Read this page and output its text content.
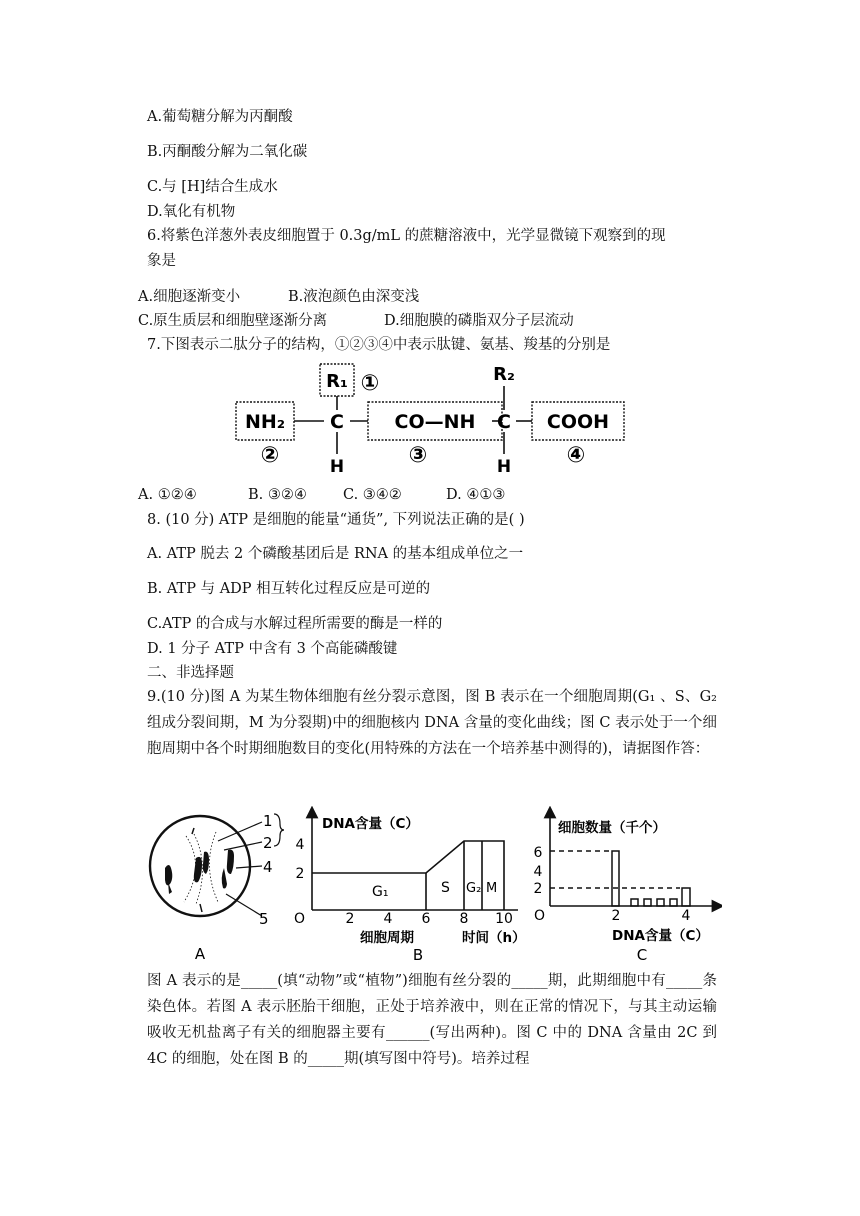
A.葡萄糖分解为丙酮酸
B.丙酮酸分解为二氧化碳
C.与 [H]结合生成水
D.氧化有机物
6.将紫色洋葱外表皮细胞置于 0.3g/mL 的蔗糖溶液中，光学显微镜下观察到的现
象是
A.细胞逐渐变小	B.液泡颜色由深变浅
C.原生质层和细胞壁逐渐分离	D.细胞膜的磷脂双分子层流动
7.下图表示二肽分子的结构，①②③④中表示肽键、氨基、羧基的分别是
NH₂
R₁ ①
C
H
CO—NH
R₂
C
H
COOH
②	③	④
A. ①②④	B. ③②④ C. ③④②	D. ④①③
8. (10 分) ATP 是细胞的能量“通货”, 下列说法正确的是( )
A. ATP 脱去 2 个磷酸基团后是 RNA 的基本组成单位之一
B. ATP 与 ADP 相互转化过程反应是可逆的
C.ATP 的合成与水解过程所需要的酶是一样的
D. 1 分子 ATP 中含有 3 个高能磷酸键
二、非选择题
9.(10 分)图 A 为某生物体细胞有丝分裂示意图，图 B 表示在一个细胞周期(G₁ 、S、G₂ 组成分裂间期，M 为分裂期)中的细胞核内 DNA 含量的变化曲线；图 C 表示处于一个细胞周期中各个时期细胞数目的变化(用特殊的方法在一个培养基中测得的)，请据图作答：
1
2
4
5
A
DNA含量（C）
2
4
O	2 4 6 8 10
G₁	S G₂ M
细胞周期	时间（h）
B
细胞数量（千个）
2
4
6
O	2	4
DNA含量（C）
C
图 A 表示的是_____(填“动物”或“植物”)细胞有丝分裂的_____期，此期细胞中有_____条染色体。若图 A 表示胚胎干细胞，正处于培养液中，则在正常的情况下，与其主动运输吸收无机盐离子有关的细胞器主要有______(写出两种)。图 C 中的 DNA 含量由 2C 到 4C 的细胞，处在图 B 的_____期(填写图中符号)。培养过程
